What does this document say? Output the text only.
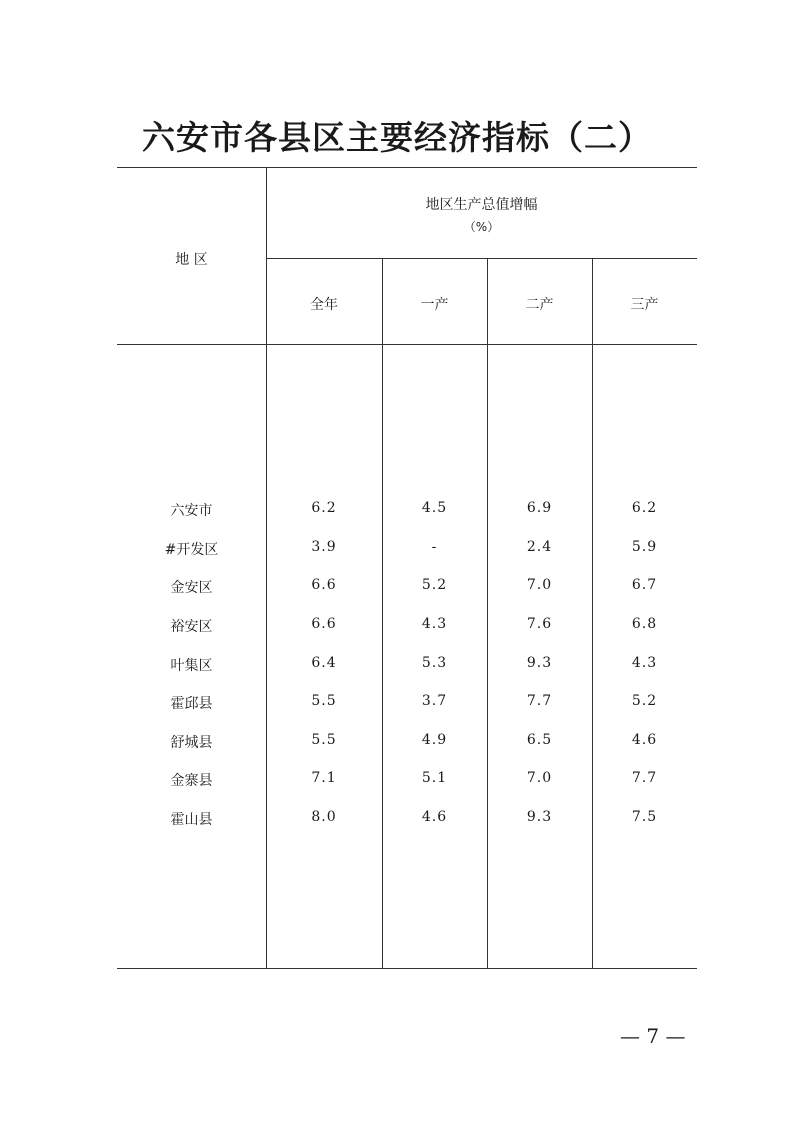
六安市各县区主要经济指标（二）
地 区
地区生产总值增幅
（%）
全年	一产	二产	三产
六安市	6.2	4.5	6.9	6.2
#开发区	3.9	-	2.4	5.9
金安区	6.6	5.2	7.0	6.7
裕安区	6.6	4.3	7.6	6.8
叶集区	6.4	5.3	9.3	4.3
霍邱县	5.5	3.7	7.7	5.2
舒城县	5.5	4.9	6.5	4.6
金寨县	7.1	5.1	7.0	7.7
霍山县	8.0	4.6	9.3	7.5
— 7 —
